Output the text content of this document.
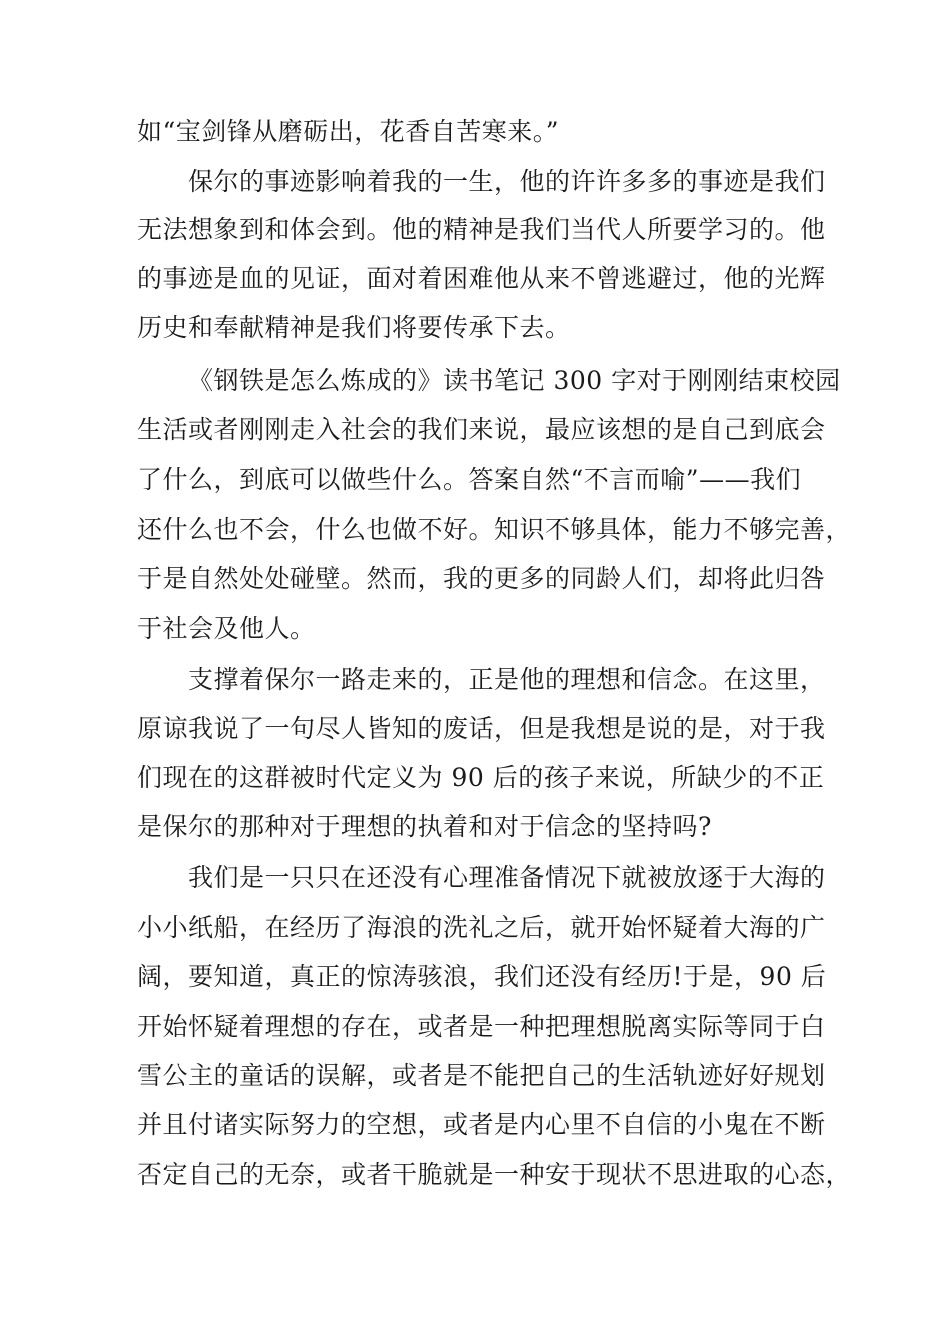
如“宝剑锋从磨砺出，花香自苦寒来。”
保尔的事迹影响着我的一生，他的许许多多的事迹是我们
无法想象到和体会到。他的精神是我们当代人所要学习的。他
的事迹是血的见证，面对着困难他从来不曾逃避过，他的光辉
历史和奉献精神是我们将要传承下去。
《钢铁是怎么炼成的》读书笔记 300 字对于刚刚结束校园
生活或者刚刚走入社会的我们来说，最应该想的是自己到底会
了什么，到底可以做些什么。答案自然“不言而喻”——我们
还什么也不会，什么也做不好。知识不够具体，能力不够完善，
于是自然处处碰壁。然而，我的更多的同龄人们，却将此归咎
于社会及他人。
支撑着保尔一路走来的，正是他的理想和信念。在这里，
原谅我说了一句尽人皆知的废话，但是我想是说的是，对于我
们现在的这群被时代定义为 90 后的孩子来说，所缺少的不正
是保尔的那种对于理想的执着和对于信念的坚持吗?
我们是一只只在还没有心理准备情况下就被放逐于大海的
小小纸船，在经历了海浪的洗礼之后，就开始怀疑着大海的广
阔，要知道，真正的惊涛骇浪，我们还没有经历!于是，90 后
开始怀疑着理想的存在，或者是一种把理想脱离实际等同于白
雪公主的童话的误解，或者是不能把自己的生活轨迹好好规划
并且付诸实际努力的空想，或者是内心里不自信的小鬼在不断
否定自己的无奈，或者干脆就是一种安于现状不思进取的心态，
